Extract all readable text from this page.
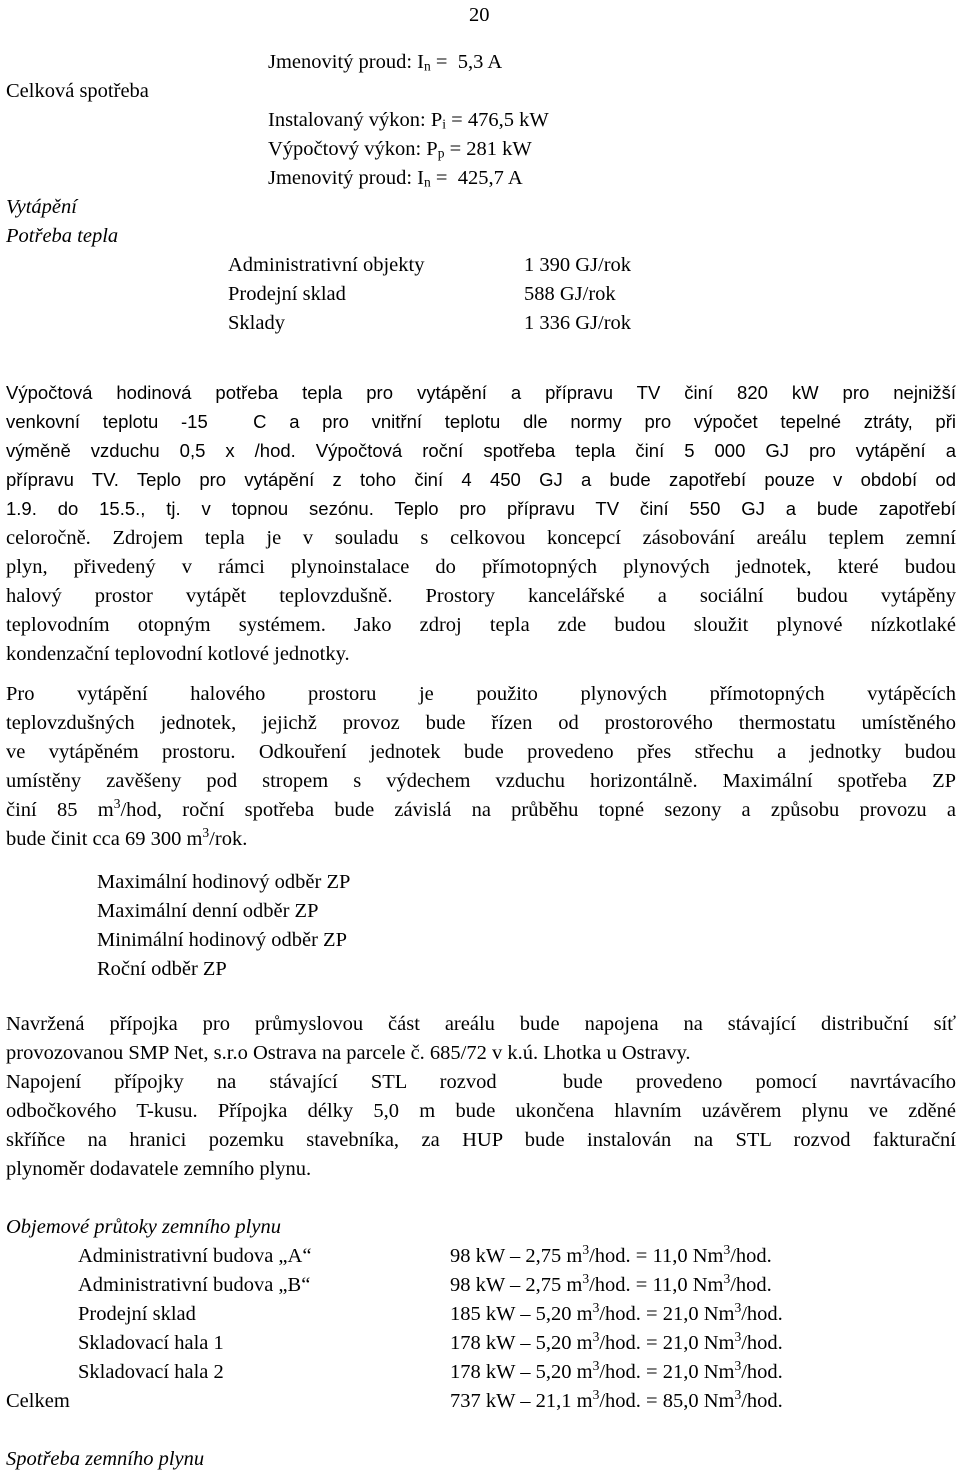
20
Celková spotřeba
Jmenovitý proud: $I_n = 5,3$ A
Instalovaný výkon: $P_i = 476,5$ kW
Výpočtový výkon: $P_p = 281$ kW
Jmenovitý proud: $I_n = 425,7$ A
Vytápění
Potřeba tepla
Administrativní objekty	1 390 GJ/rok
Prodejní sklad	588 GJ/rok
Sklady	1 336 GJ/rok
Výpočtová hodinová potřeba tepla pro vytápění a přípravu TV činí 820 kW pro nejnižší
venkovní teplotu -15  C a pro vnitřní teplotu dle normy pro výpočet tepelné ztráty, při
výměně vzduchu 0,5 x /hod. Výpočtová roční spotřeba tepla činí 5 000 GJ pro vytápění a
přípravu TV. Teplo pro vytápění z toho činí 4 450 GJ a bude zapotřebí pouze v období od
1.9. do 15.5., tj. v topnou sezónu. Teplo pro přípravu TV činí 550 GJ a bude zapotřebí
celoročně. Zdrojem tepla je v souladu s celkovou koncepcí zásobování areálu teplem zemní
plyn, přivedený v rámci plynoinstalace do přímotopných plynových jednotek, které budou
halový prostor vytápět teplovzdušně. Prostory kancelářské a sociální budou vytápěny
teplovodním otopným systémem. Jako zdroj tepla zde budou sloužit plynové nízkotlaké
kondenzační teplovodní kotlové jednotky.
Pro vytápění halového prostoru je použito plynových přímotopných vytápěcích
teplovzdušných jednotek, jejichž provoz bude řízen od prostorového thermostatu umístěného
ve vytápěném prostoru. Odkouření jednotek bude provedeno přes střechu a jednotky budou
umístěny zavěšeny pod stropem s výdechem vzduchu horizontálně. Maximální spotřeba ZP
činí 85 $m^3$/hod, roční spotřeba bude závislá na průběhu topné sezony a způsobu provozu a
bude činit cca 69 300 $m^3$/rok.
Maximální hodinový odběr ZP
Maximální denní odběr ZP
Minimální hodinový odběr ZP
Roční odběr ZP
Navržená přípojka pro průmyslovou část areálu bude napojena na stávající distribuční síť
provozovanou SMP Net, s.r.o Ostrava na parcele č. 685/72 v k.ú. Lhotka u Ostravy.
Napojení přípojky na stávající STL rozvod  bude provedeno pomocí navrtávacího
odbočkového T-kusu. Přípojka délky 5,0 m bude ukončena hlavním uzávěrem plynu ve zděné
skříňce na hranici pozemku stavebníka, za HUP bude instalován na STL rozvod fakturační
plynoměr dodavatele zemního plynu.
Objemové průtoky zemního plynu
Administrativní budova „A“	98 kW – 2,75 $m^3$/hod. = 11,0 Nm$^3$/hod.
Administrativní budova „B“	98 kW – 2,75 $m^3$/hod. = 11,0 Nm$^3$/hod.
Prodejní sklad	185 kW – 5,20 $m^3$/hod. = 21,0 Nm$^3$/hod.
Skladovací hala 1	178 kW – 5,20 $m^3$/hod. = 21,0 Nm$^3$/hod.
Skladovací hala 2	178 kW – 5,20 $m^3$/hod. = 21,0 Nm$^3$/hod.
Celkem	737 kW – 21,1 $m^3$/hod. = 85,0 Nm$^3$/hod.
Spotřeba zemního plynu
